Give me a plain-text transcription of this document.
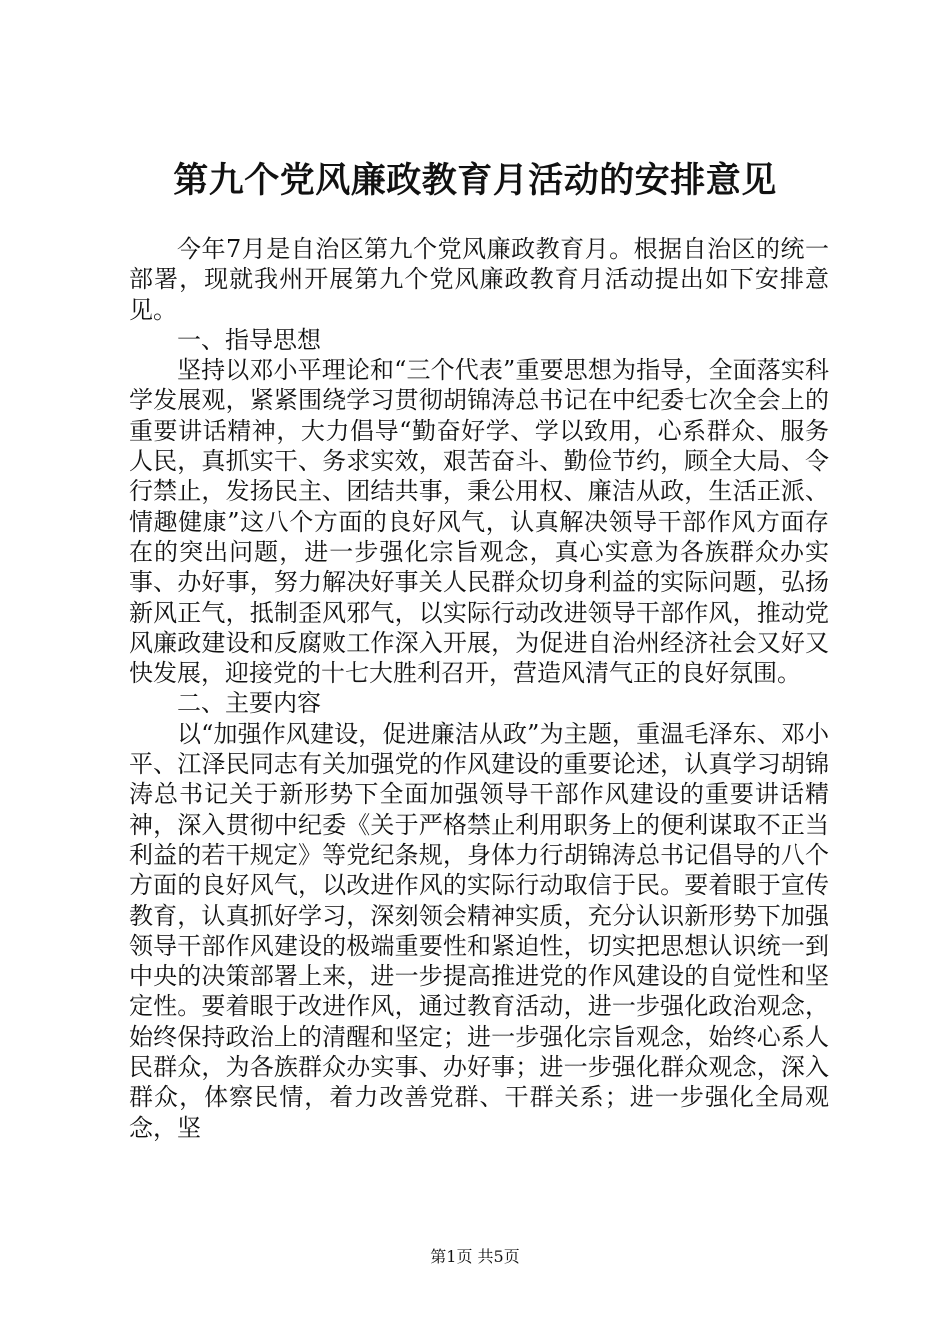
第九个党风廉政教育月活动的安排意见

今年7月是自治区第九个党风廉政教育月。根据自治区的统一部署，现就我州开展第九个党风廉政教育月活动提出如下安排意见。

一、指导思想

坚持以邓小平理论和“三个代表”重要思想为指导，全面落实科学发展观，紧紧围绕学习贯彻胡锦涛总书记在中纪委七次全会上的重要讲话精神，大力倡导“勤奋好学、学以致用，心系群众、服务人民，真抓实干、务求实效，艰苦奋斗、勤俭节约，顾全大局、令行禁止，发扬民主、团结共事，秉公用权、廉洁从政，生活正派、情趣健康”这八个方面的良好风气，认真解决领导干部作风方面存在的突出问题，进一步强化宗旨观念，真心实意为各族群众办实事、办好事，努力解决好事关人民群众切身利益的实际问题，弘扬新风正气，抵制歪风邪气，以实际行动改进领导干部作风，推动党风廉政建设和反腐败工作深入开展，为促进自治州经济社会又好又快发展，迎接党的十七大胜利召开，营造风清气正的良好氛围。

二、主要内容

以“加强作风建设，促进廉洁从政”为主题，重温毛泽东、邓小平、江泽民同志有关加强党的作风建设的重要论述，认真学习胡锦涛总书记关于新形势下全面加强领导干部作风建设的重要讲话精神，深入贯彻中纪委《关于严格禁止利用职务上的便利谋取不正当利益的若干规定》等党纪条规，身体力行胡锦涛总书记倡导的八个方面的良好风气，以改进作风的实际行动取信于民。要着眼于宣传教育，认真抓好学习，深刻领会精神实质，充分认识新形势下加强领导干部作风建设的极端重要性和紧迫性，切实把思想认识统一到中央的决策部署上来，进一步提高推进党的作风建设的自觉性和坚定性。要着眼于改进作风，通过教育活动，进一步强化政治观念，始终保持政治上的清醒和坚定；进一步强化宗旨观念，始终心系人民群众，为各族群众办实事、办好事；进一步强化群众观念，深入群众，体察民情，着力改善党群、干群关系；进一步强化全局观念，坚

第1页 共5页
